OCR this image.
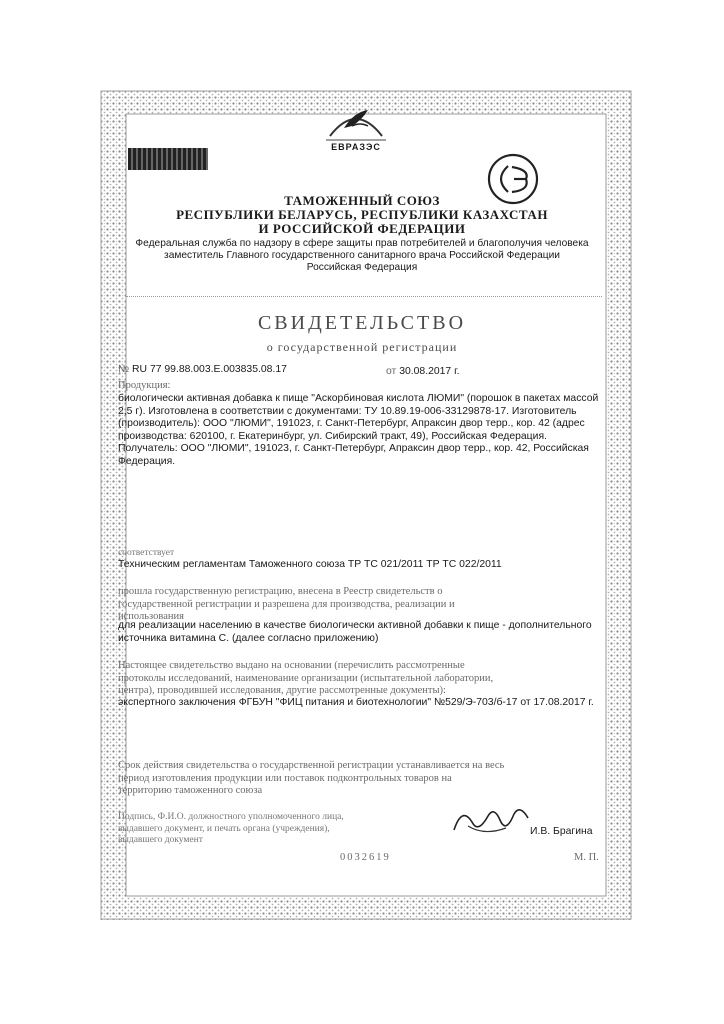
ЕВРАЗЭС
ТАМОЖЕННЫЙ СОЮЗ
РЕСПУБЛИКИ БЕЛАРУСЬ, РЕСПУБЛИКИ КАЗАХСТАН
И РОССИЙСКОЙ ФЕДЕРАЦИИ
Федеральная служба по надзору в сфере защиты прав потребителей и благополучия человека
заместитель Главного государственного санитарного врача Российской Федерации
Российская Федерация
СВИДЕТЕЛЬСТВО
о государственной регистрации
№ RU 77 99.88.003.Е.003835.08.17	от 30.08.2017 г.
Продукция:
биологически активная добавка к пище "Аскорбиновая кислота ЛЮМИ" (порошок в пакетах массой
2,5 г). Изготовлена в соответствии с документами: ТУ 10.89.19-006-33129878-17. Изготовитель
(производитель): ООО "ЛЮМИ", 191023, г. Санкт-Петербург, Апраксин двор терр., кор. 42 (адрес
производства: 620100, г. Екатеринбург, ул. Сибирский тракт, 49), Российская Федерация.
Получатель: ООО "ЛЮМИ", 191023, г. Санкт-Петербург, Апраксин двор терр., кор. 42, Российская
Федерация.
соответствует
Техническим регламентам Таможенного союза ТР ТС 021/2011 ТР ТС 022/2011
прошла государственную регистрацию, внесена в Реестр свидетельств о
государственной регистрации и разрешена для производства, реализации и
использования
для реализации населению в качестве биологически активной добавки к пище - дополнительного
источника витамина С. (далее согласно приложению)
Настоящее свидетельство выдано на основании (перечислить рассмотренные
протоколы исследований, наименование организации (испытательной лаборатории,
центра), проводившей исследования, другие рассмотренные документы):
экспертного заключения ФГБУН "ФИЦ питания и биотехнологии" №529/Э-703/б-17 от 17.08.2017 г.
Срок действия свидетельства о государственной регистрации устанавливается на весь
период изготовления продукции или поставок подконтрольных товаров на
территорию таможенного союза
Подпись, Ф.И.О. должностного уполномоченного лица,
выдавшего документ, и печать органа (учреждения),
выдавшего документ
И.В. Брагина
0032619	М. П.
